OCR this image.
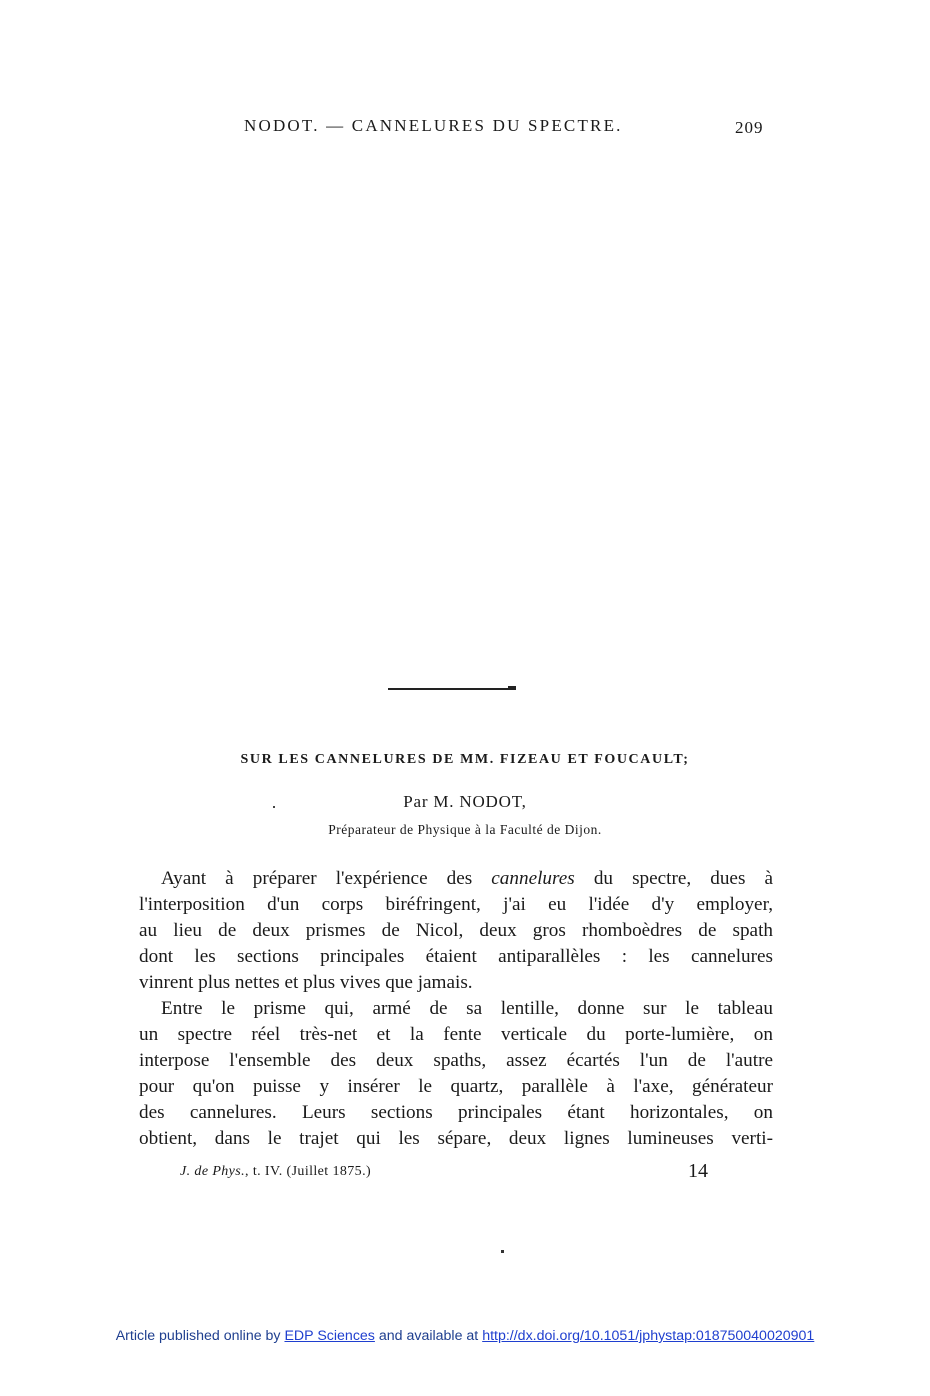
NODOT. — CANNELURES DU SPECTRE.	209
SUR LES CANNELURES DE MM. FIZEAU ET FOUCAULT;
Par M. NODOT,
Préparateur de Physique à la Faculté de Dijon.
Ayant à préparer l'expérience des cannelures du spectre, dues à
l'interposition d'un corps biréfringent, j'ai eu l'idée d'y employer,
au lieu de deux prismes de Nicol, deux gros rhomboèdres de spath
dont les sections principales étaient antiparallèles : les cannelures
vinrent plus nettes et plus vives que jamais.
Entre le prisme qui, armé de sa lentille, donne sur le tableau
un spectre réel très-net et la fente verticale du porte-lumière, on
interpose l'ensemble des deux spaths, assez écartés l'un de l'autre
pour qu'on puisse y insérer le quartz, parallèle à l'axe, générateur
des cannelures. Leurs sections principales étant horizontales, on
obtient, dans le trajet qui les sépare, deux lignes lumineuses verti-
J. de Phys., t. IV. (Juillet 1875.)	14
Article published online by EDP Sciences and available at http://dx.doi.org/10.1051/jphystap:018750040020901
